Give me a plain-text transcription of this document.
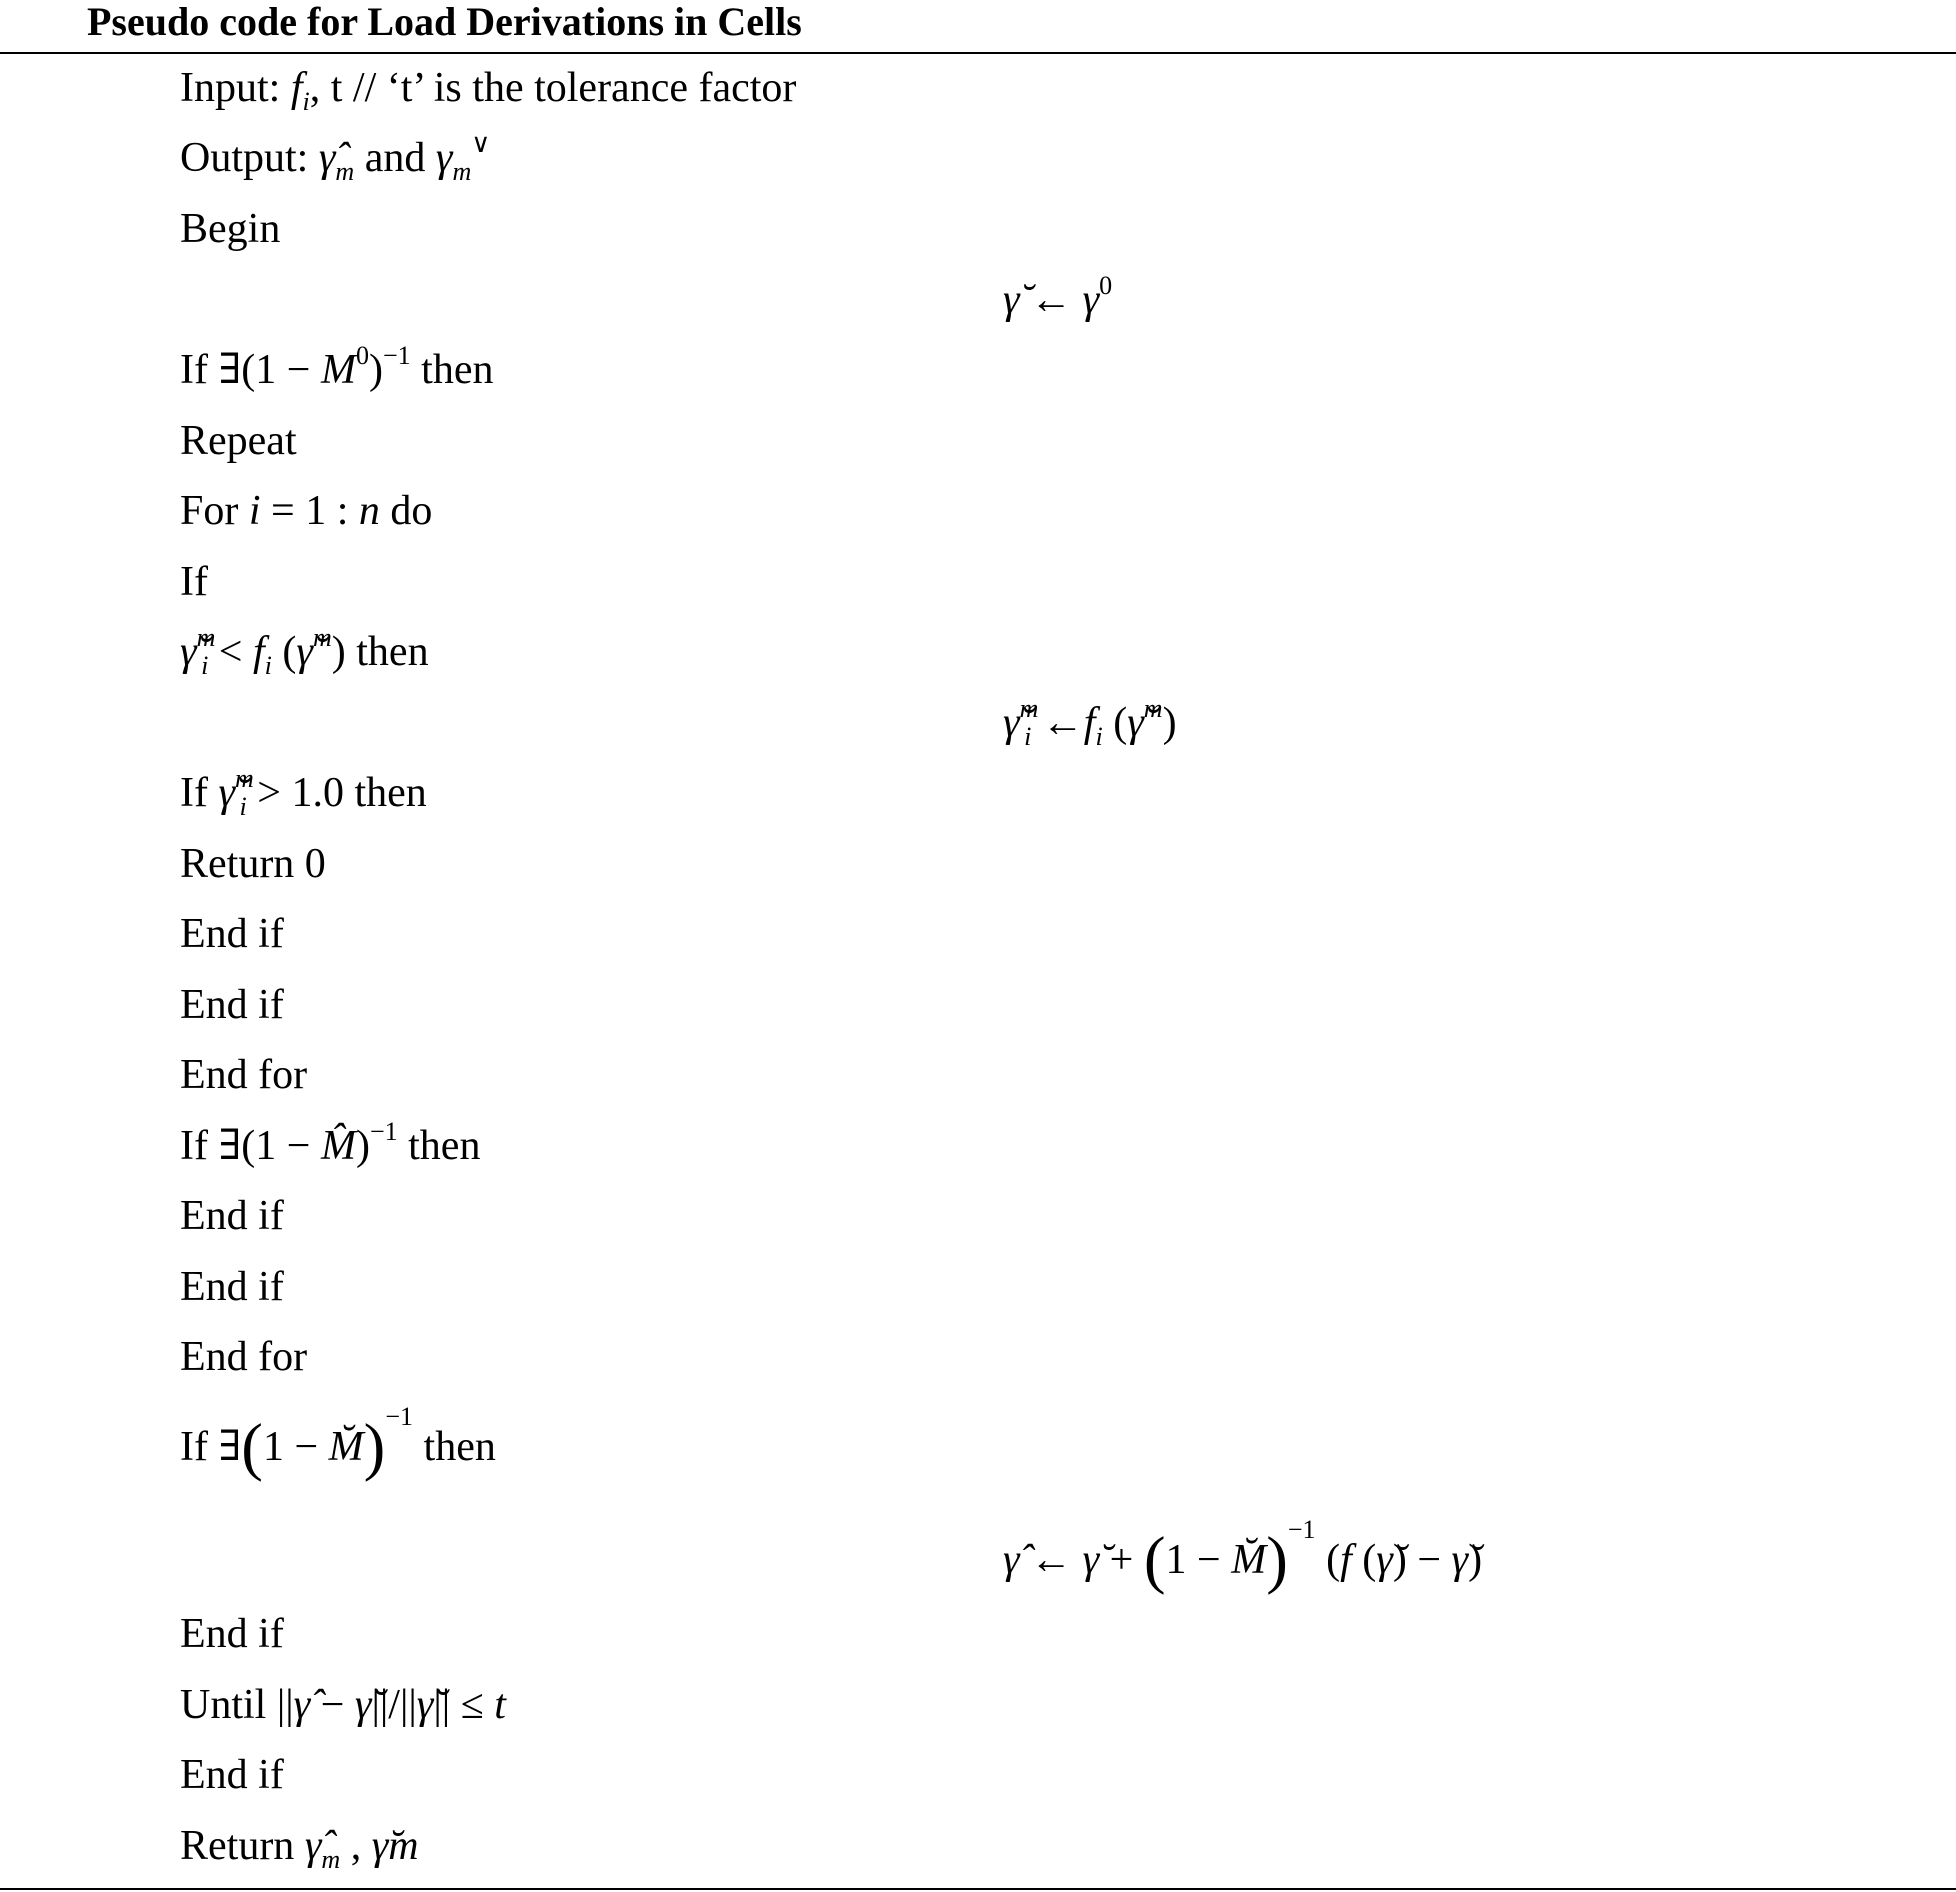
Pseudo code for Load Derivations in Cells
Input: $f_i$, t // ‘t’ is the tolerance factor
Output: $\gammâ_m$ and $\gamma_m^\vee$
Begin
γ̆ ← $\gamma^0$
If ∃(1 − $M^0)^{-1}$ then
Repeat
For i = 1 : n do
If
γ̆$^m_i$ < $f_i$ (γ̆$^m$) then
γ̆$^m_i$ $\leftarrow f_i$ (γ̆$^m$)
If γ̆$^m_i$ > 1.0 then
Return 0
End if
End if
End for
If ∃(1 − M̂)$^{-1}$ then
End if
End if
End for
If ∃(1 − M̆)$^{-1}$ then
γ̂ ← γ̆ + (1 − M̆)$^{-1}$ (f (γ̆) − γ̆)
End if
Until ||γ̂ − γ̆||/||γ̆|| ≤ t
End if
Return $\gammâ_m$ , γ̆m
